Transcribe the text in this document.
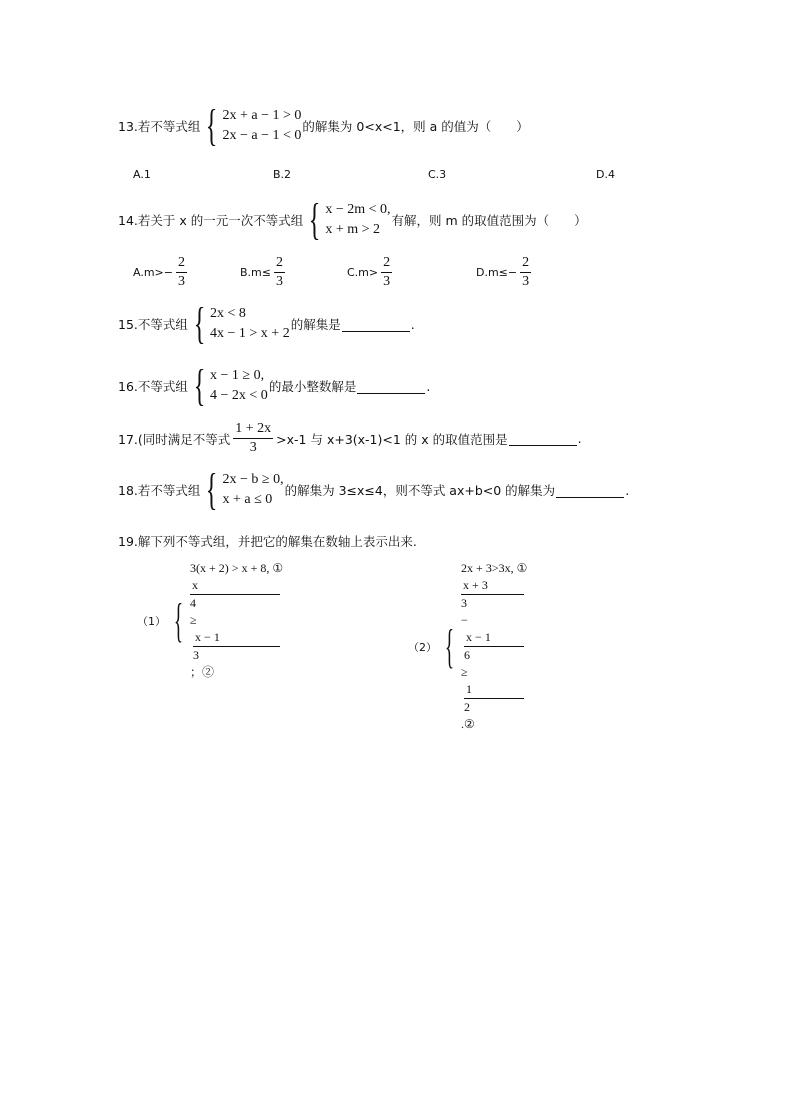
13.若不等式组 { 2x + a − 1 > 0
2x − a − 1 < 0
的解集为 0<x<1，则 a 的值为（　　）
A.1	B.2	C.3	D.4
14.若关于 x 的一元一次不等式组 { x − 2m < 0,
x + m > 2
有解，则 m 的取值范围为（　　）
$A.m>- \frac{2}{3}$	$B.m\le \frac{2}{3}$	$C.m> \frac{2}{3}$	$D.m\le- \frac{2}{3}$
15.不等式组 { 2x < 8
4x − 1 > x + 2
的解集是	.
16.不等式组 { x − 1 ≥ 0,
4 − 2x < 0
的最小整数解是	.
17.(同时满足不等式 $\frac{1 + 2x}{3} >x-1$ 与 x+3(x-1)<1 的 x 的取值范围是	.
18.若不等式组 { 2x − b ≥ 0,
x + a ≤ 0
的解集为 3≤x≤4，则不等式 ax+b<0 的解集为	.
19.解下列不等式组，并把它的解集在数轴上表示出来.
（1） {
3(x + 2) > x + 8, ①
x
4
≥
x − 1
3
；②
（2） {
2x + 3>3x, ①
x + 3
3
−
x − 1
6
≥
1
2
.②
